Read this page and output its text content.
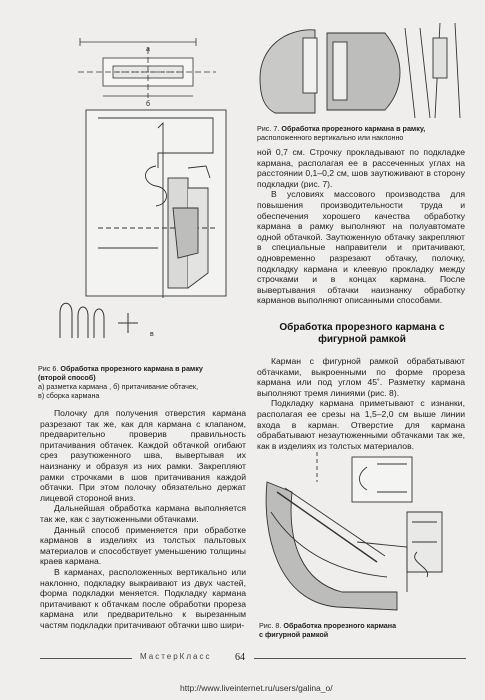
а
б
в
Рис 6. Обработка прорезного кармана в рамку
(второй способ)
а) разметка кармана , б) притачивание обтачек,
в) сборка кармана
Рис. 7. Обработка прорезного кармана в рамку,
расположенного вертикально или наклонно

ной 0,7 см. Строчку прокладывают по подкладке кармана, располагая ее в рассеченных углах на расстоянии 0,1–0,2 см, шов заутюживают в сторону подкладки (рис. 7).

В условиях массового производства для повышения производительности труда и обеспечения хорошего качества обработку кармана в рамку выполняют на полуавтомате одной обтачкой. Заутюженную обтачку закрепляют в специальные направители и притачивают, одновременно разрезают обтачку, полочку, подкладку кармана и клеевую прокладку между строчками и в концах кармана. После вывертывания обтачки наизнанку обработку карманов выполняют описанными способами.

Обработка прорезного кармана с фигурной рамкой

Карман с фигурной рамкой обрабатывают обтачками, выкроенными по форме прореза кармана или под углом 45˚. Разметку кармана выполняют тремя линиями (рис. 8).

Подкладку кармана приметывают с изнанки, располагая ее срезы на 1,5–2,0 см выше линии входа в карман. Отверстие для кармана обрабатывают незаутюженными обтачками так же, как в изделиях из толстых материалов.

Рис. 8. Обработка прорезного кармана
с фигурной рамкой

Полочку для получения отверстия кармана разрезают так же, как для кармана с клапаном, предварительно проверив правильность притачивания обтачек. Каждой обтачкой огибают срез разутюженного шва, вывертывая их наизнанку и образуя из них рамки. Закрепляют рамки строчками в шов притачивания каждой обтачки. При этом полочку обязательно держат лицевой стороной вниз.

Дальнейшая обработка кармана выполняется так же, как с заутюженными обтачками.

Данный способ применяется при обработке карманов в изделиях из толстых пальтовых материалов и способствует уменьшению толщины краев кармана.

В карманах, расположенных вертикально или наклонно, подкладку выкраивают из двух частей, форма подкладки меняется. Подкладку кармана притачивают к обтачкам после обработки прореза кармана или предварительно к вырезанным частям подкладки притачивают обтачки шво шири-

МастерКласс 64
http://www.liveinternet.ru/users/galina_o/
